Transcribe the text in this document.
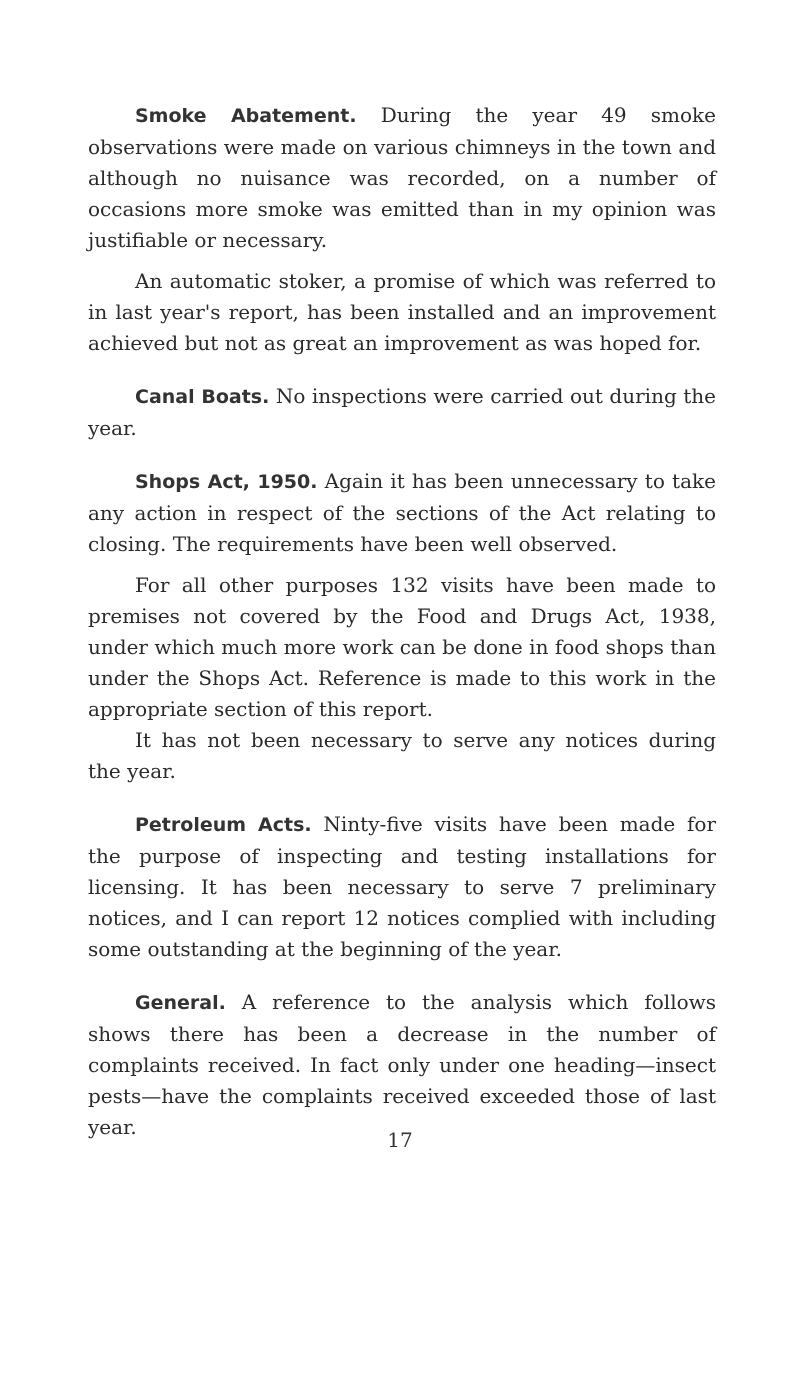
Smoke Abatement. During the year 49 smoke observations were made on various chimneys in the town and although no nuisance was recorded, on a number of occasions more smoke was emitted than in my opinion was justifiable or necessary.

An automatic stoker, a promise of which was referred to in last year's report, has been installed and an improvement achieved but not as great an improvement as was hoped for.

Canal Boats. No inspections were carried out during the year.

Shops Act, 1950. Again it has been unnecessary to take any action in respect of the sections of the Act relating to closing. The requirements have been well observed.

For all other purposes 132 visits have been made to premises not covered by the Food and Drugs Act, 1938, under which much more work can be done in food shops than under the Shops Act. Reference is made to this work in the appropriate section of this report.

It has not been necessary to serve any notices during the year.

Petroleum Acts. Ninty-five visits have been made for the purpose of inspecting and testing installations for licensing. It has been necessary to serve 7 preliminary notices, and I can report 12 notices complied with including some outstanding at the beginning of the year.

General. A reference to the analysis which follows shows there has been a decrease in the number of complaints received. In fact only under one heading—insect pests—have the complaints received exceeded those of last year.

17
